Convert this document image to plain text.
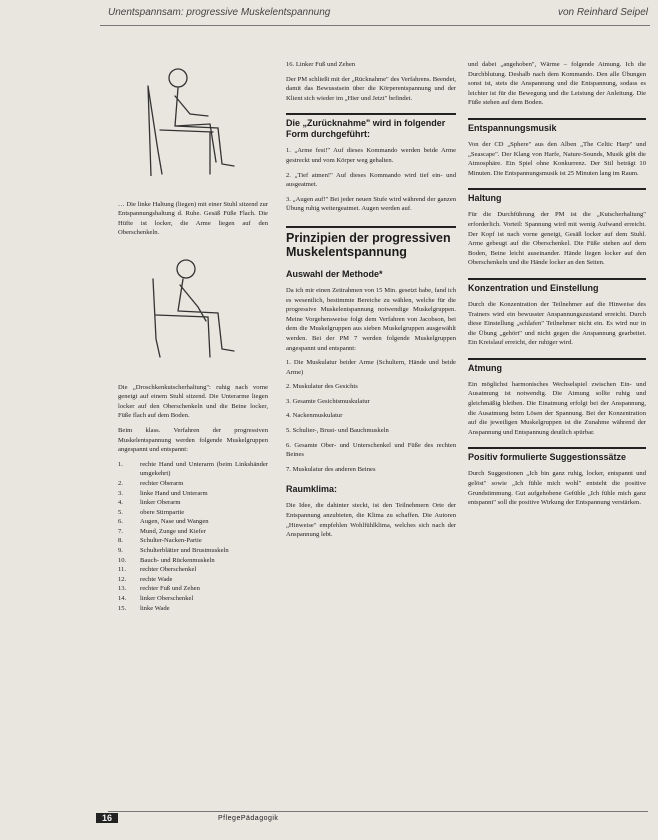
Unentspannsam: progressive Muskelentspannung	von Reinhard Seipel

… Die linke Haltung (liegen) mit einer Stuhl sitzend zur Entspannungshaltung d. Ruhe. Gesäß Füße Flach. Die Hüfte ist locker, die Arme liegen auf den Oberschenkeln.

Die „Droschkenkutscherhaltung": ruhig nach vorne geneigt auf einem Stuhl sitzend. Die Unterarme liegen locker auf den Oberschenkeln und die Beine locker, Füße flach auf dem Boden.

Beim klass. Verfahren der progressiven Muskelentspannung werden folgende Muskelgruppen angespannt und entspannt:

1.	rechte Hand und Unterarm (beim Linkshänder umgekehrt)
2.	rechter Oberarm
3.	linke Hand und Unterarm
4.	linker Oberarm
5.	obere Stirnpartie
6.	Augen, Nase und Wangen
7.	Mund, Zunge und Kiefer
8.	Schulter-Nacken-Partie
9.	Schulterblätter und Brustmuskeln
10.	Bauch- und Rückenmuskeln
11.	rechter Oberschenkel
12.	rechte Wade
13.	rechter Fuß und Zehen
14.	linker Oberschenkel
15.	linke Wade

16. Linker Fuß und Zehen

Der PM schließt mit der „Rücknahme" des Verfahrens. Beendet, damit das Bewusstsein über die Körperentspannung und der Klient sich wieder im „Hier und Jetzt" befindet.

Die „Zurücknahme" wird in folgender Form durchgeführt:

1. „Arme fest!" Auf dieses Kommando werden beide Arme gestreckt und vom Körper weg gehalten.

2. „Tief atmen!" Auf dieses Kommando wird tief ein- und ausgeatmet.

3. „Augen auf!" Bei jeder neuen Stufe wird während der ganzen Übung ruhig weitergeatmet. Augen werden auf.

Prinzipien der progressiven Muskelentspannung
Auswahl der Methode*

Da ich mir einen Zeitrahmen von 15 Min. gesetzt habe, fand ich es wesentlich, bestimmte Bereiche zu wählen, welche für die progressive Muskelentspannung notwendige Muskelgruppen. Meine Vorgehensweise folgt dem Verfahren von Jacobson, bei dem die Muskelgruppen aus sieben Muskelgruppen ausgewählt werden. Bei der PM 7 werden folgende Muskelgruppen angespannt und entspannt:

1. Die Muskulatur beider Arme (Schultern, Hände und beide Arme)

2. Muskulatur des Gesichts

3. Gesamte Gesichtsmuskulatur

4. Nackenmuskulatur

5. Schulter-, Brust- und Bauchmuskeln

6. Gesamte Ober- und Unterschenkel und Füße des rechten Beines

7. Muskulatur des anderen Beines

Raumklima:

Die Idee, die dahinter steckt, ist den Teilnehmern Orte der Entspannung anzubieten, die Klima zu schaffen. Die Autoren „Hinweise" empfehlen Wohlfühlklima, welches sich nach der Anspannung lebt.

und dabei „angehoben", Wärme – folgende Atmung. Ich die Durchblutung. Deshalb nach dem Kommando. Den alle Übungen sonst ist, stets die Anspannung und die Entspannung, sodass es leichter ist für die Bewegung und die Leistung der Anleitung. Die Füße stehen auf dem Boden.

Entspannungsmusik

Von der CD „Sphere" aus den Alben „The Celtic Harp" und „Seascape". Der Klang von Harfe, Nature-Sounds, Musik gibt die Atmosphäre. Ein Spiel ohne Konkurrenz. Der Stil beträgt 10 Minuten. Die Entspannungsmusik ist 25 Minuten lang im Raum.

Haltung

Für die Durchführung der PM ist die „Kutscherhaltung" erforderlich. Vorteil: Spannung wird mit wenig Aufwand erreicht. Der Kopf ist nach vorne geneigt, Gesäß locker auf dem Stuhl. Arme gebeugt auf die Oberschenkel. Die Füße stehen auf dem Boden, Beine leicht auseinander. Hände liegen locker auf den Oberschenkeln und die Hände locker an den Seiten.

Konzentration und Einstellung

Durch die Konzentration der Teilnehmer auf die Hinweise des Trainers wird ein bewusster Anspannungszustand erreicht. Durch diese Einstellung „schlafen" Teilnehmer nicht ein. Es wird nur in die Übung „gehört" und nicht gegen die Anspannung gearbeitet. Ein Kreislauf erreicht, der ruhiger wird.

Atmung

Ein möglichst harmonisches Wechselspiel zwischen Ein- und Ausatmung ist notwendig. Die Atmung sollte ruhig und gleichmäßig bleiben. Die Einatmung erfolgt bei der Anspannung, die Ausatmung beim Lösen der Spannung. Bei der Konzentration auf die jeweiligen Muskelgruppen ist die Zunahme während der Anspannung und Entspannung deutlich spürbar.

Positiv formulierte Suggestionssätze

Durch Suggestionen „Ich bin ganz ruhig, locker, entspannt und gelöst" sowie „Ich fühle mich wohl" entsteht die positive Grundstimmung. Gut aufgehobene Gefühle „Ich fühle mich ganz entspannt" soll die positive Wirkung der Entspannung verstärken.

16	PflegePädagogik
